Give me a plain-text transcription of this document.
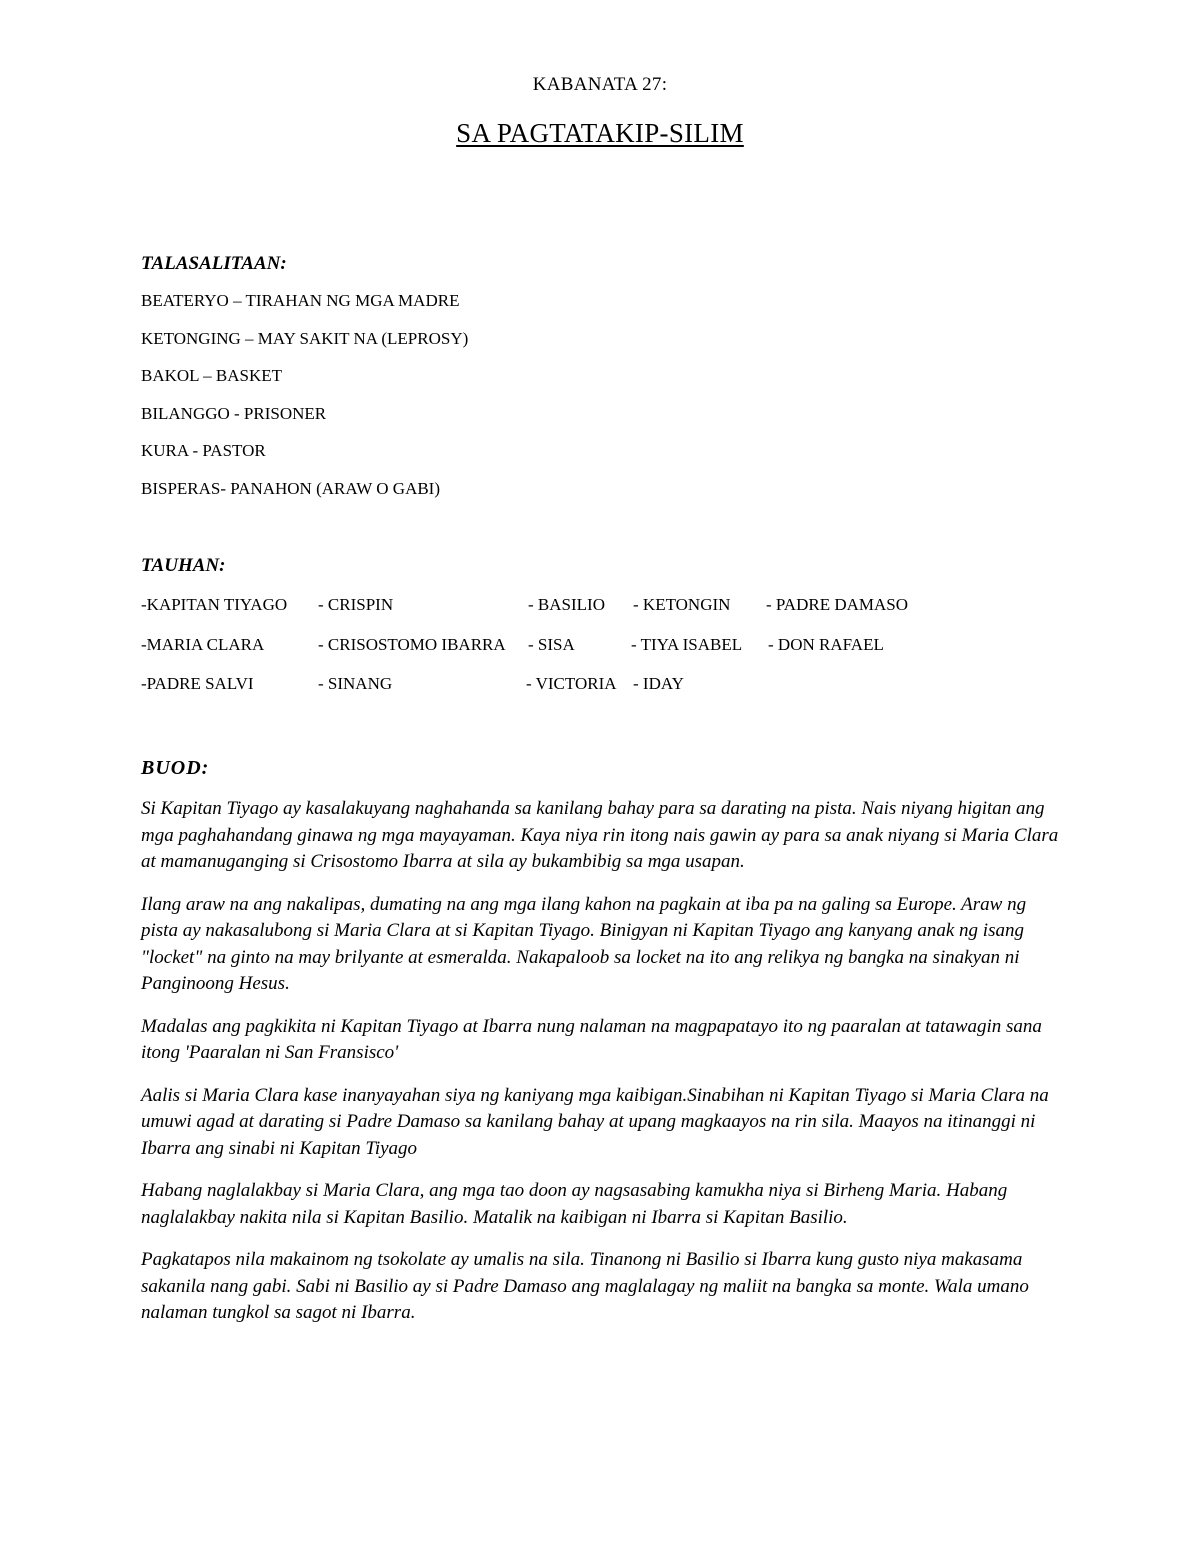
KABANATA 27:
SA PAGTATAKIP-SILIM
TALASALITAAN:
BEATERYO – TIRAHAN NG MGA MADRE
KETONGING – MAY SAKIT NA (LEPROSY)
BAKOL – BASKET
BILANGGO - PRISONER
KURA - PASTOR
BISPERAS- PANAHON (ARAW O GABI)
TAUHAN:
-KAPITAN TIYAGO - CRISPIN	- BASILIO - KETONGIN - PADRE DAMASO
-MARIA CLARA	- CRISOSTOMO IBARRA - SISA	- TIYA ISABEL - DON RAFAEL
-PADRE SALVI	- SINANG	- VICTORIA - IDAY
BUOD:

Si Kapitan Tiyago ay kasalakuyang naghahanda sa kanilang bahay para sa darating na pista. Nais niyang higitan ang mga paghahandang ginawa ng mga mayayaman. Kaya niya rin itong nais gawin ay para sa anak niyang si Maria Clara at mamanuganging si Crisostomo Ibarra at sila ay bukambibig sa mga usapan.

Ilang araw na ang nakalipas, dumating na ang mga ilang kahon na pagkain at iba pa na galing sa Europe. Araw ng pista ay nakasalubong si Maria Clara at si Kapitan Tiyago. Binigyan ni Kapitan Tiyago ang kanyang anak ng isang "locket" na ginto na may brilyante at esmeralda. Nakapaloob sa locket na ito ang relikya ng bangka na sinakyan ni Panginoong Hesus.

Madalas ang pagkikita ni Kapitan Tiyago at Ibarra nung nalaman na magpapatayo ito ng paaralan at tatawagin sana itong 'Paaralan ni San Fransisco'

Aalis si Maria Clara kase inanyayahan siya ng kaniyang mga kaibigan.Sinabihan ni Kapitan Tiyago si Maria Clara na umuwi agad at darating si Padre Damaso sa kanilang bahay at upang magkaayos na rin sila. Maayos na itinanggi ni Ibarra ang sinabi ni Kapitan Tiyago

Habang naglalakbay si Maria Clara, ang mga tao doon ay nagsasabing kamukha niya si Birheng Maria. Habang naglalakbay nakita nila si Kapitan Basilio. Matalik na kaibigan ni Ibarra si Kapitan Basilio.

Pagkatapos nila makainom ng tsokolate ay umalis na sila. Tinanong ni Basilio si Ibarra kung gusto niya makasama sakanila nang gabi. Sabi ni Basilio ay si Padre Damaso ang maglalagay ng maliit na bangka sa monte. Wala umano nalaman tungkol sa sagot ni Ibarra.
